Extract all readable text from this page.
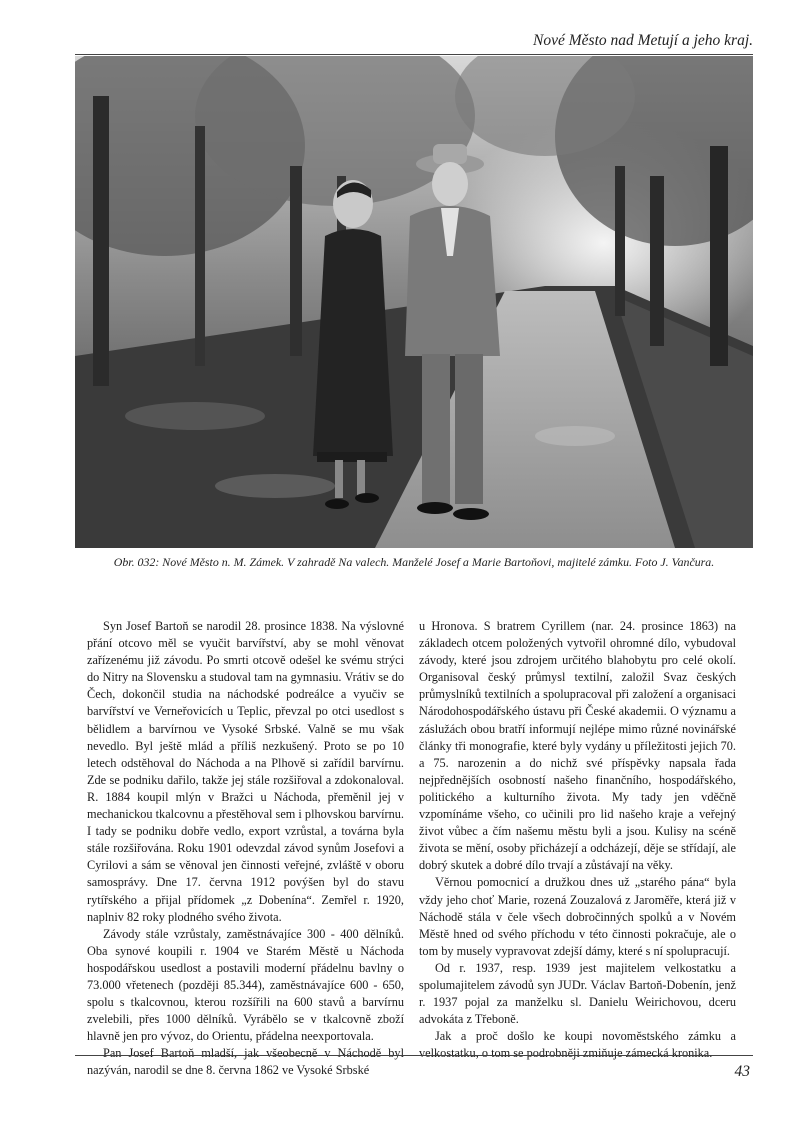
Nové Město nad Metují a jeho kraj.
Obr. 032: Nové Město n. M. Zámek. V zahradě Na valech. Manželé Josef a Marie Bartoňovi, majitelé zámku. Foto J. Vančura.

Syn Josef Bartoň se narodil 28. prosince 1838. Na výslovné přání otcovo měl se vyučit barvířství, aby se mohl věnovat zařízenému již závodu. Po smrti otcově odešel ke svému strýci do Nitry na Slovensku a studoval tam na gymnasiu. Vrátiv se do Čech, dokončil studia na náchodské podreálce a vyučiv se barvířství ve Verneřovicích u Teplic, převzal po otci usedlost s bělidlem a barvírnou ve Vysoké Srbské. Valně se mu však nevedlo. Byl ještě mlád a příliš nezkušený. Proto se po 10 letech odstěhoval do Náchoda a na Plhově si zařídil barvírnu. Zde se podniku dařilo, takže jej stále rozšiřoval a zdokonaloval. R. 1884 koupil mlýn v Bražci u Náchoda, přeměnil jej v mechanickou tkalcovnu a přestěhoval sem i plhovskou barvírnu. I tady se podniku dobře vedlo, export vzrůstal, a továrna byla stále rozšiřována. Roku 1901 odevzdal závod synům Josefovi a Cyrilovi a sám se věnoval jen činnosti veřejné, zvláště v oboru samosprávy. Dne 17. června 1912 povýšen byl do stavu rytířského a přijal přídomek „z Dobenína“. Zemřel r. 1920, naplniv 82 roky plodného svého života.

Závody stále vzrůstaly, zaměstnávajíce 300 - 400 dělníků. Oba synové koupili r. 1904 ve Starém Městě u Náchoda hospodářskou usedlost a postavili moderní přádelnu bavlny o 73.000 vřetenech (později 85.344), zaměstnávajíce 600 - 650, spolu s tkalcovnou, kterou rozšířili na 600 stavů a barvírnu zvelebili, přes 1000 dělníků. Vyrábělo se v tkalcovně zboží hlavně jen pro vývoz, do Orientu, přádelna neexportovala.

Pan Josef Bartoň mladší, jak všeobecně v Náchodě byl nazýván, narodil se dne 8. června 1862 ve Vysoké Srbské

u Hronova. S bratrem Cyrillem (nar. 24. prosince 1863) na základech otcem položených vytvořil ohromné dílo, vybudoval závody, které jsou zdrojem určitého blahobytu pro celé okolí. Organisoval český průmysl textilní, založil Svaz českých průmyslníků textilních a spolupracoval při založení a organisaci Národohospodářského ústavu při České akademii. O významu a záslužách obou bratří informují nejlépe mimo různé novinářské články tři monografie, které byly vydány u příležitosti jejich 70. a 75. narozenin a do nichž své příspěvky napsala řada nejpřednějších osobností našeho finančního, hospodářského, politického a kulturního života. My tady jen vděčně vzpomínáme všeho, co učinili pro lid našeho kraje a veřejný život vůbec a čím našemu městu byli a jsou. Kulisy na scéně života se mění, osoby přicházejí a odcházejí, děje se střídají, ale dobrý skutek a dobré dílo trvají a zůstávají na věky.

Věrnou pomocnicí a družkou dnes už „starého pána“ byla vždy jeho choť Marie, rozená Zouzalová z Jaroměře, která již v Náchodě stála v čele všech dobročinných spolků a v Novém Městě hned od svého příchodu v této činnosti pokračuje, ale o tom by musely vypravovat zdejší dámy, které s ní spolupracují.

Od r. 1937, resp. 1939 jest majitelem velkostatku a spolumajitelem závodů syn JUDr. Václav Bartoň-Dobenín, jenž r. 1937 pojal za manželku sl. Danielu Weirichovou, dceru advokáta z Třeboně.

Jak a proč došlo ke koupi novoměstského zámku a velkostatku, o tom se podrobněji zmiňuje zámecká kronika.

43
